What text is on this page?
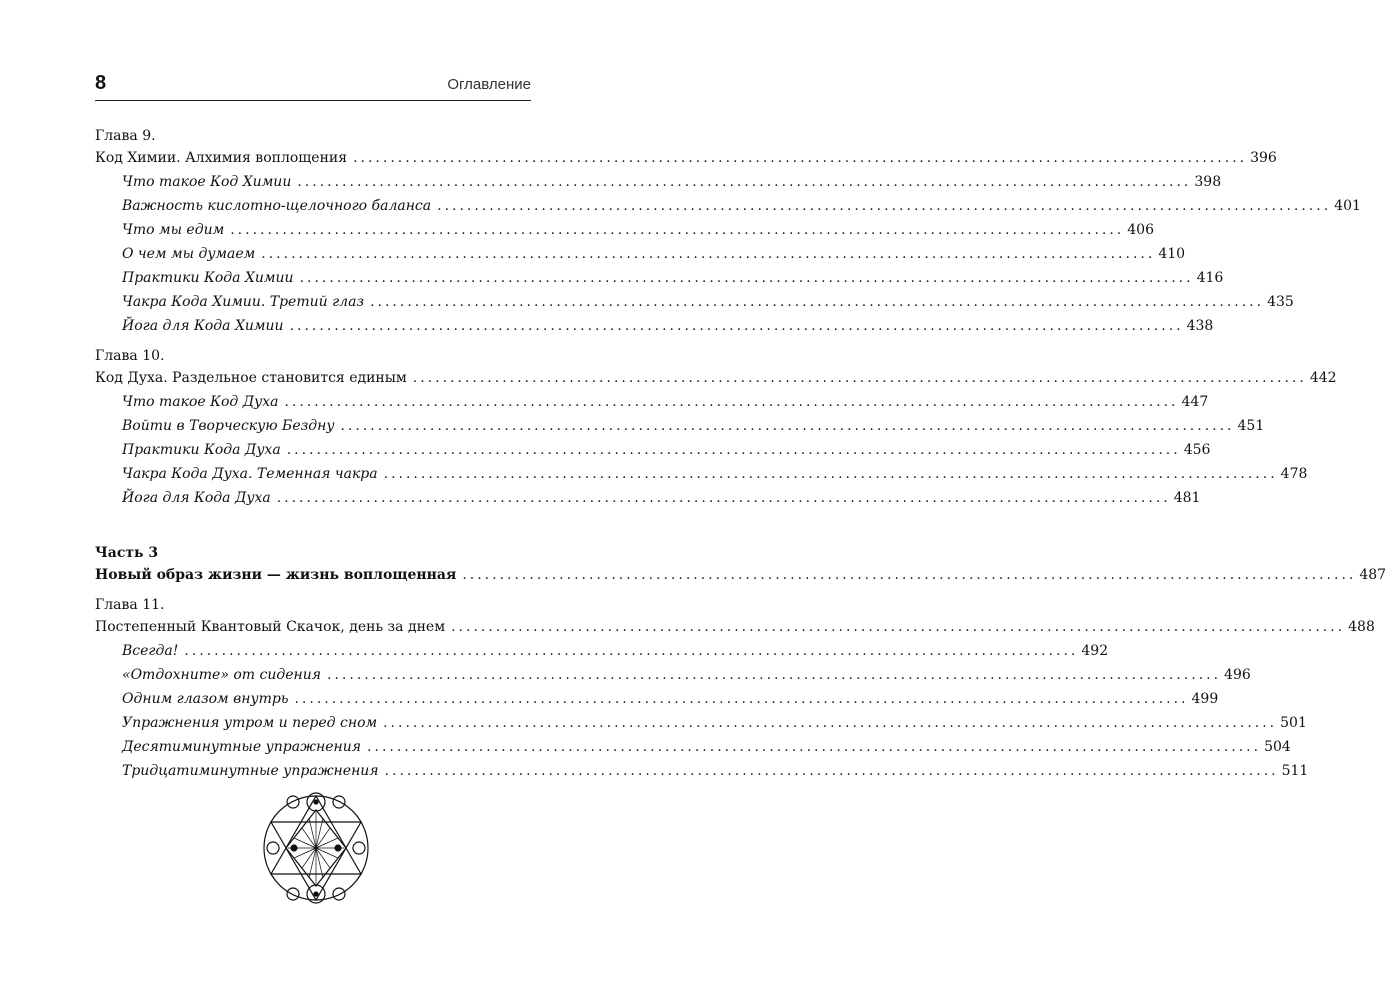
8	Оглавление
Глава 9.
Код Химии. Алхимия воплощения ........................................................................................................................ 396
Что такое Код Химии ........................................................................................................................ 398
Важность кислотно-щелочного баланса ........................................................................................................................ 401
Что мы едим ........................................................................................................................ 406
О чем мы думаем ........................................................................................................................ 410
Практики Кода Химии ........................................................................................................................ 416
Чакра Кода Химии. Третий глаз ........................................................................................................................ 435
Йога для Кода Химии ........................................................................................................................ 438
Глава 10.
Код Духа. Раздельное становится единым ........................................................................................................................ 442
Что такое Код Духа ........................................................................................................................ 447
Войти в Творческую Бездну ........................................................................................................................ 451
Практики Кода Духа ........................................................................................................................ 456
Чакра Кода Духа. Теменная чакра ........................................................................................................................ 478
Йога для Кода Духа ........................................................................................................................ 481
Часть 3
Новый образ жизни — жизнь воплощенная ........................................................................................................................ 487
Глава 11.
Постепенный Квантовый Скачок, день за днем ........................................................................................................................ 488
Всегда! ........................................................................................................................ 492
«Отдохните» от сидения ........................................................................................................................ 496
Одним глазом внутрь ........................................................................................................................ 499
Упражнения утром и перед сном ........................................................................................................................ 501
Десятиминутные упражнения ........................................................................................................................ 504
Тридцатиминутные упражнения ........................................................................................................................ 511
